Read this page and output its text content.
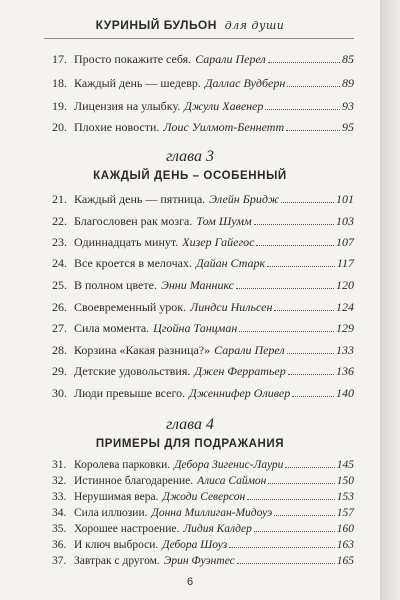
КУРИНЫЙ БУЛЬОН для души
17. Просто покажите себя. Сарали Перел	85
18. Каждый день — шедевр. Даллас Вудберн	89
19. Лицензия на улыбку. Джули Хавенер	93
20. Плохие новости. Лоис Уилмот-Беннетт	95
глава 3
КАЖДЫЙ ДЕНЬ – ОСОБЕННЫЙ
21. Каждый день — пятница. Элейн Бридж	101
22. Благословен рак мозга. Том Шумм	103
23. Одиннадцать минут. Хизер Гайегос	107
24. Все кроется в мелочах. Дайан Старк	117
25. В полном цвете. Энни Манникс	120
26. Своевременный урок. Линдси Нильсен	124
27. Сила момента. Цгойна Танцман	129
28. Корзина «Какая разница?» Сарали Перел	133
29. Детские удовольствия. Джен Ферратьер	136
30. Люди превыше всего. Дженнифер Оливер	140
глава 4
ПРИМЕРЫ ДЛЯ ПОДРАЖАНИЯ
31. Королева парковки. Дебора Зигенис-Лаури	145
32. Истинное благодарение. Алиса Саймон	150
33. Нерушимая вера. Джоди Северсон	153
34. Сила иллюзии. Донна Миллиган-Мидоуэ	157
35. Хорошее настроение. Лидия Калдер	160
6
36. И ключ выброси. Дебора Шоуз	163
37. Завтрак с другом. Эрин Фуэнтес	165
